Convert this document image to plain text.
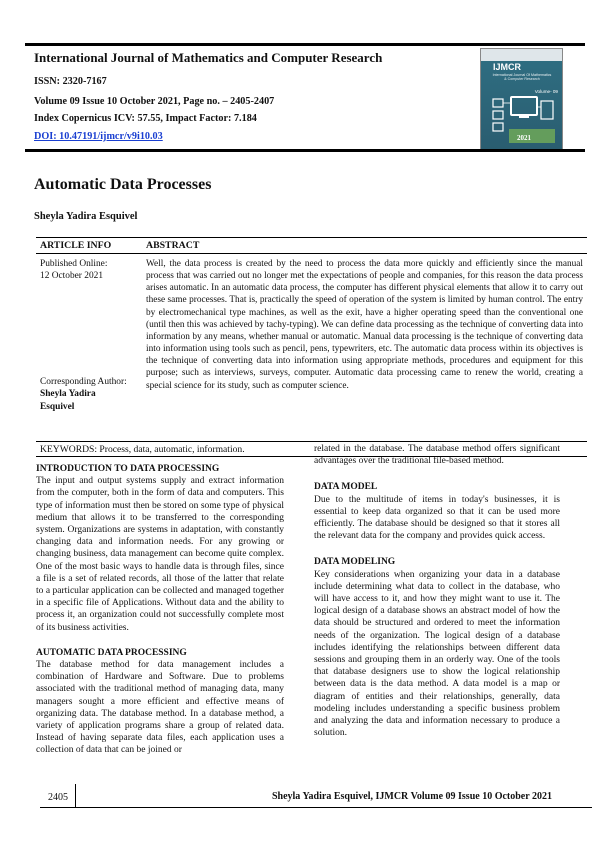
International Journal of Mathematics and Computer Research
ISSN: 2320-7167
Volume 09 Issue 10 October 2021, Page no. – 2405-2407
Index Copernicus ICV: 57.55, Impact Factor: 7.184
DOI: 10.47191/ijmcr/v9i10.03
IJMCR
International Journal Of Mathematics & Computer Research
Volume- 09
2021
Automatic Data Processes
Sheyla Yadira Esquivel
ARTICLE INFO	ABSTRACT
Published Online:
12 October 2021
Corresponding Author:
Sheyla Yadira
Esquivel
Well, the data process is created by the need to process the data more quickly and efficiently since the manual process that was carried out no longer met the expectations of people and companies, for this reason the data process arises automatic. In an automatic data process, the computer has different physical elements that allow it to carry out these same processes. That is, practically the speed of operation of the system is limited by human control. The entry by electromechanical type machines, as well as the exit, have a higher operating speed than the conventional one (until then this was achieved by tachy-typing). We can define data processing as the technique of converting data into information by any means, whether manual or automatic. Manual data processing is the technique of converting data into information using tools such as pencil, pens, typewriters, etc. The automatic data process within its objectives is the technique of converting data into information using appropriate methods, procedures and equipment for this purpose; such as interviews, surveys, computer. Automatic data processing came to renew the world, creating a special science for its study, such as computer science.
KEYWORDS: Process, data, automatic, information.
INTRODUCTION TO DATA PROCESSING

The input and output systems supply and extract information from the computer, both in the form of data and computers. This type of information must then be stored on some type of physical medium that allows it to be transferred to the corresponding system. Organizations are systems in adaptation, with constantly changing data and information needs. For any growing or changing business, data management can become quite complex. One of the most basic ways to handle data is through files, since a file is a set of related records, all those of the latter that relate to a particular application can be collected and managed together in a specific file of Applications. Without data and the ability to process it, an organization could not successfully complete most of its business activities.

AUTOMATIC DATA PROCESSING

The database method for data management includes a combination of Hardware and Software. Due to problems associated with the traditional method of managing data, many managers sought a more efficient and effective means of organizing data. The database method. In a database method, a variety of application programs share a group of related data. Instead of having separate data files, each application uses a collection of data that can be joined or

related in the database. The database method offers significant advantages over the traditional file-based method.

DATA MODEL

Due to the multitude of items in today's businesses, it is essential to keep data organized so that it can be used more efficiently. The database should be designed so that it stores all the relevant data for the company and provides quick access.

DATA MODELING

Key considerations when organizing your data in a database include determining what data to collect in the database, who will have access to it, and how they might want to use it. The logical design of a database shows an abstract model of how the data should be structured and ordered to meet the information needs of the organization. The logical design of a database includes identifying the relationships between different data sessions and grouping them in an orderly way. One of the tools that database designers use to show the logical relationship between data is the data method. A data model is a map or diagram of entities and their relationships, generally, data modeling includes understanding a specific business problem and analyzing the data and information necessary to produce a solution.

2405	Sheyla Yadira Esquivel, IJMCR Volume 09 Issue 10 October 2021
